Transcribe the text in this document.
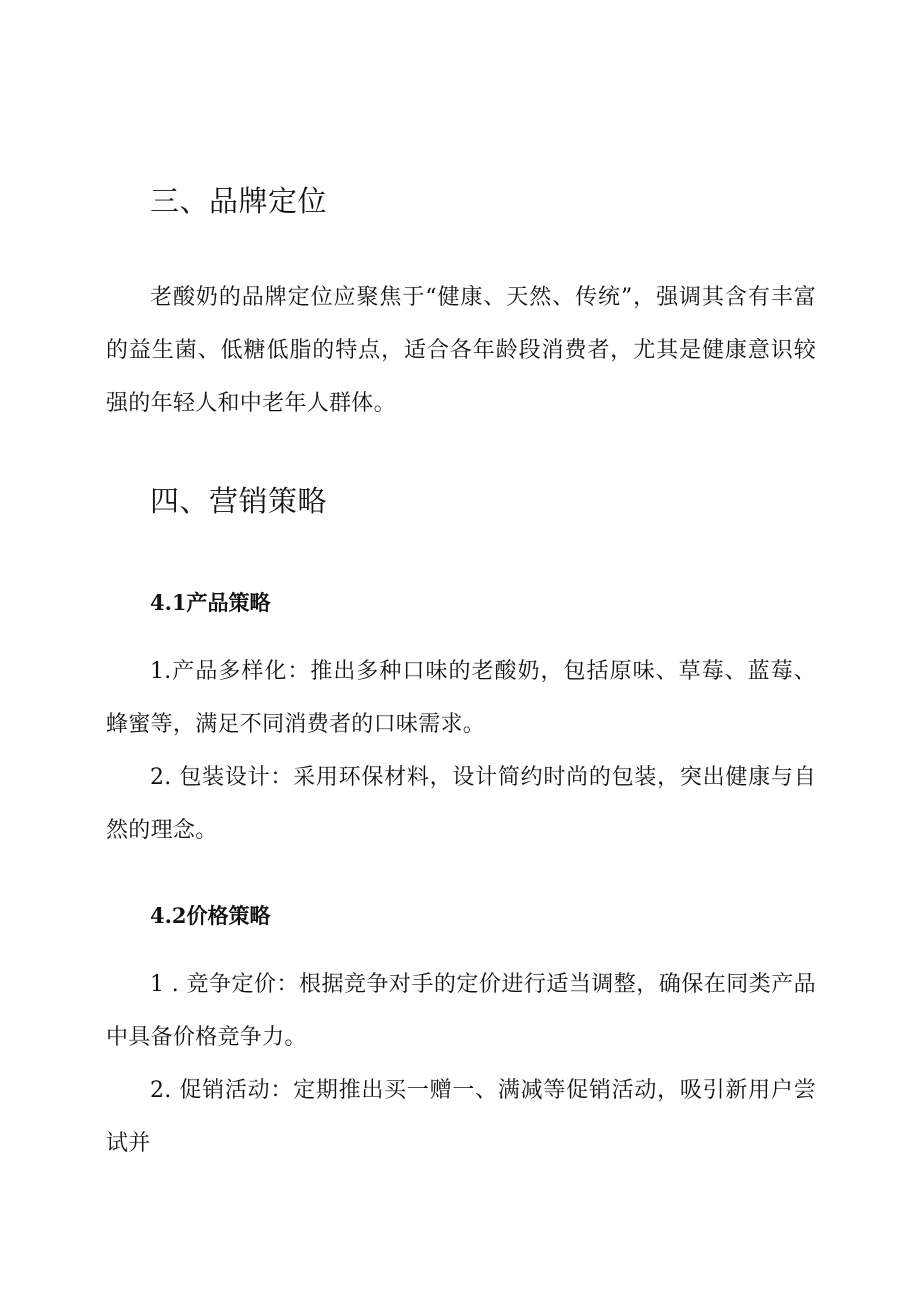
三、品牌定位

老酸奶的品牌定位应聚焦于“健康、天然、传统”，强调其含有丰富的益生菌、低糖低脂的特点，适合各年龄段消费者，尤其是健康意识较强的年轻人和中老年人群体。

四、营销策略
4.1产品策略

1.产品多样化：推出多种口味的老酸奶，包括原味、草莓、蓝莓、蜂蜜等，满足不同消费者的口味需求。

2. 包装设计：采用环保材料，设计简约时尚的包装，突出健康与自然的理念。

4.2价格策略

1 . 竞争定价：根据竞争对手的定价进行适当调整，确保在同类产品中具备价格竞争力。

2. 促销活动：定期推出买一赠一、满减等促销活动，吸引新用户尝试并
